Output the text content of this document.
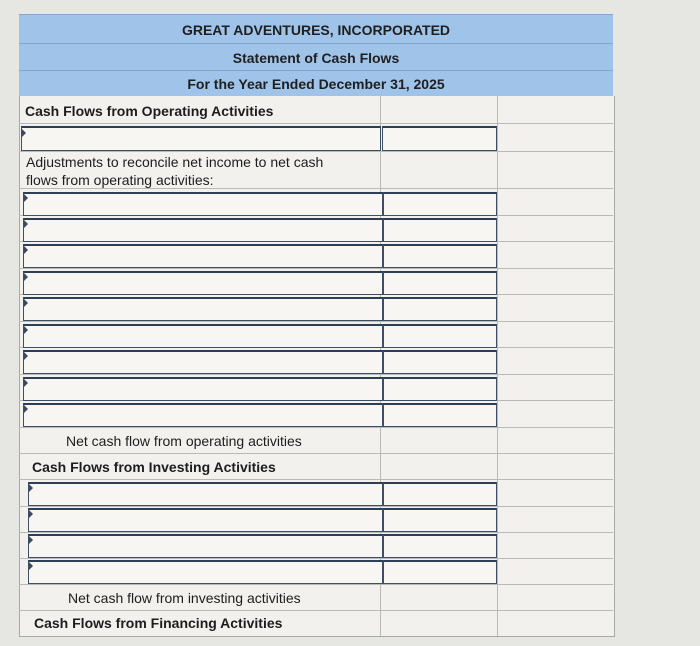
GREAT ADVENTURES, INCORPORATED
Statement of Cash Flows
For the Year Ended December 31, 2025
Cash Flows from Operating Activities
Adjustments to reconcile net income to net cash
flows from operating activities:
Net cash flow from operating activities
Cash Flows from Investing Activities
Net cash flow from investing activities
Cash Flows from Financing Activities
